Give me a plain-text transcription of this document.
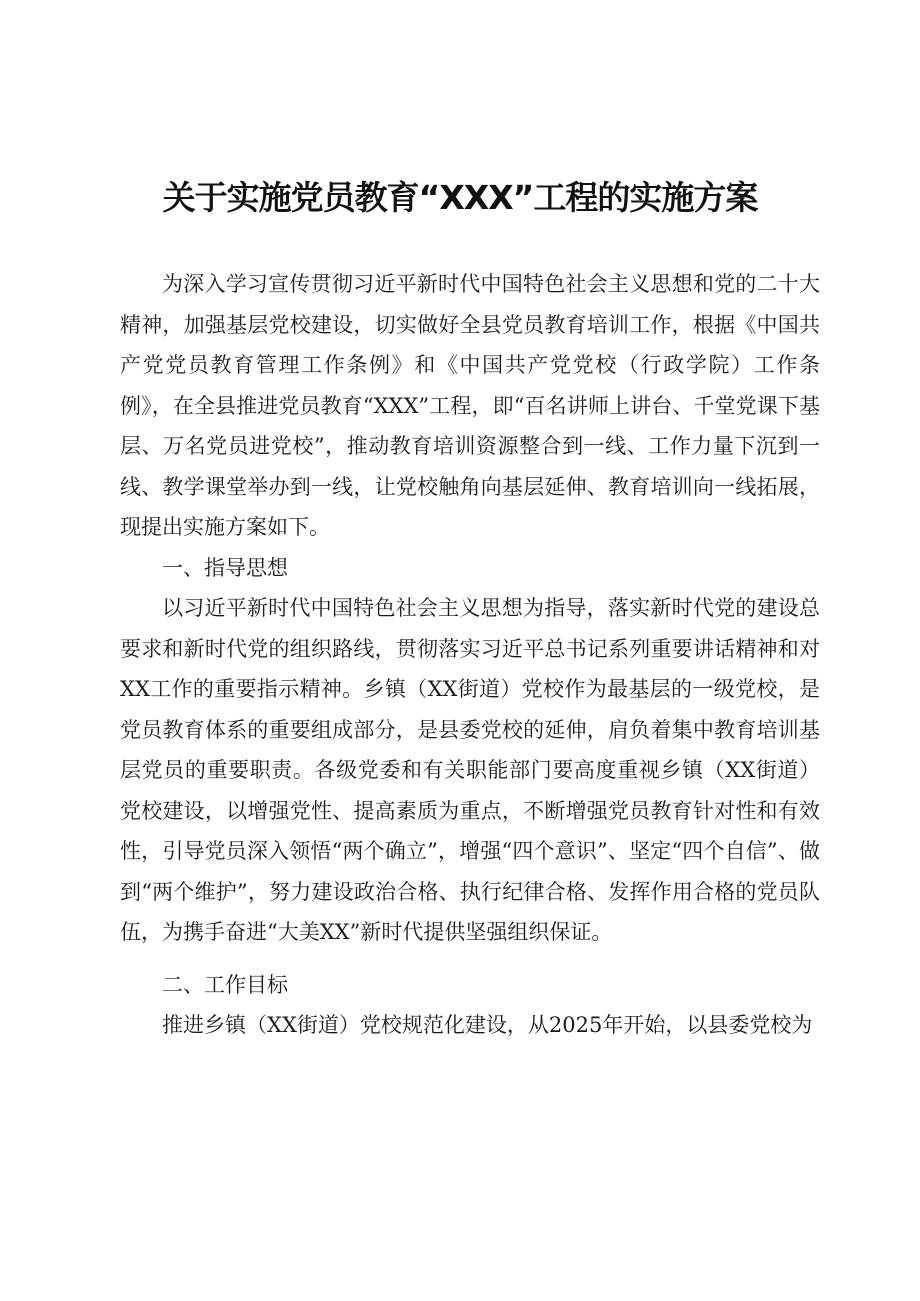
关于实施党员教育“XXX”工程的实施方案

为深入学习宣传贯彻习近平新时代中国特色社会主义思想和党的二十大精神，加强基层党校建设，切实做好全县党员教育培训工作，根据《中国共产党党员教育管理工作条例》和《中国共产党党校（行政学院）工作条例》，在全县推进党员教育“XXX”工程，即“百名讲师上讲台、千堂党课下基层、万名党员进党校”，推动教育培训资源整合到一线、工作力量下沉到一线、教学课堂举办到一线，让党校触角向基层延伸、教育培训向一线拓展，现提出实施方案如下。

一、指导思想

以习近平新时代中国特色社会主义思想为指导，落实新时代党的建设总要求和新时代党的组织路线，贯彻落实习近平总书记系列重要讲话精神和对XX工作的重要指示精神。乡镇（XX街道）党校作为最基层的一级党校，是党员教育体系的重要组成部分，是县委党校的延伸，肩负着集中教育培训基层党员的重要职责。各级党委和有关职能部门要高度重视乡镇（XX街道）党校建设，以增强党性、提高素质为重点，不断增强党员教育针对性和有效性，引导党员深入领悟“两个确立”，增强“四个意识”、坚定“四个自信”、做到“两个维护”，努力建设政治合格、执行纪律合格、发挥作用合格的党员队伍，为携手奋进“大美XX”新时代提供坚强组织保证。

二、工作目标

推进乡镇（XX街道）党校规范化建设，从2025年开始，以县委党校为
